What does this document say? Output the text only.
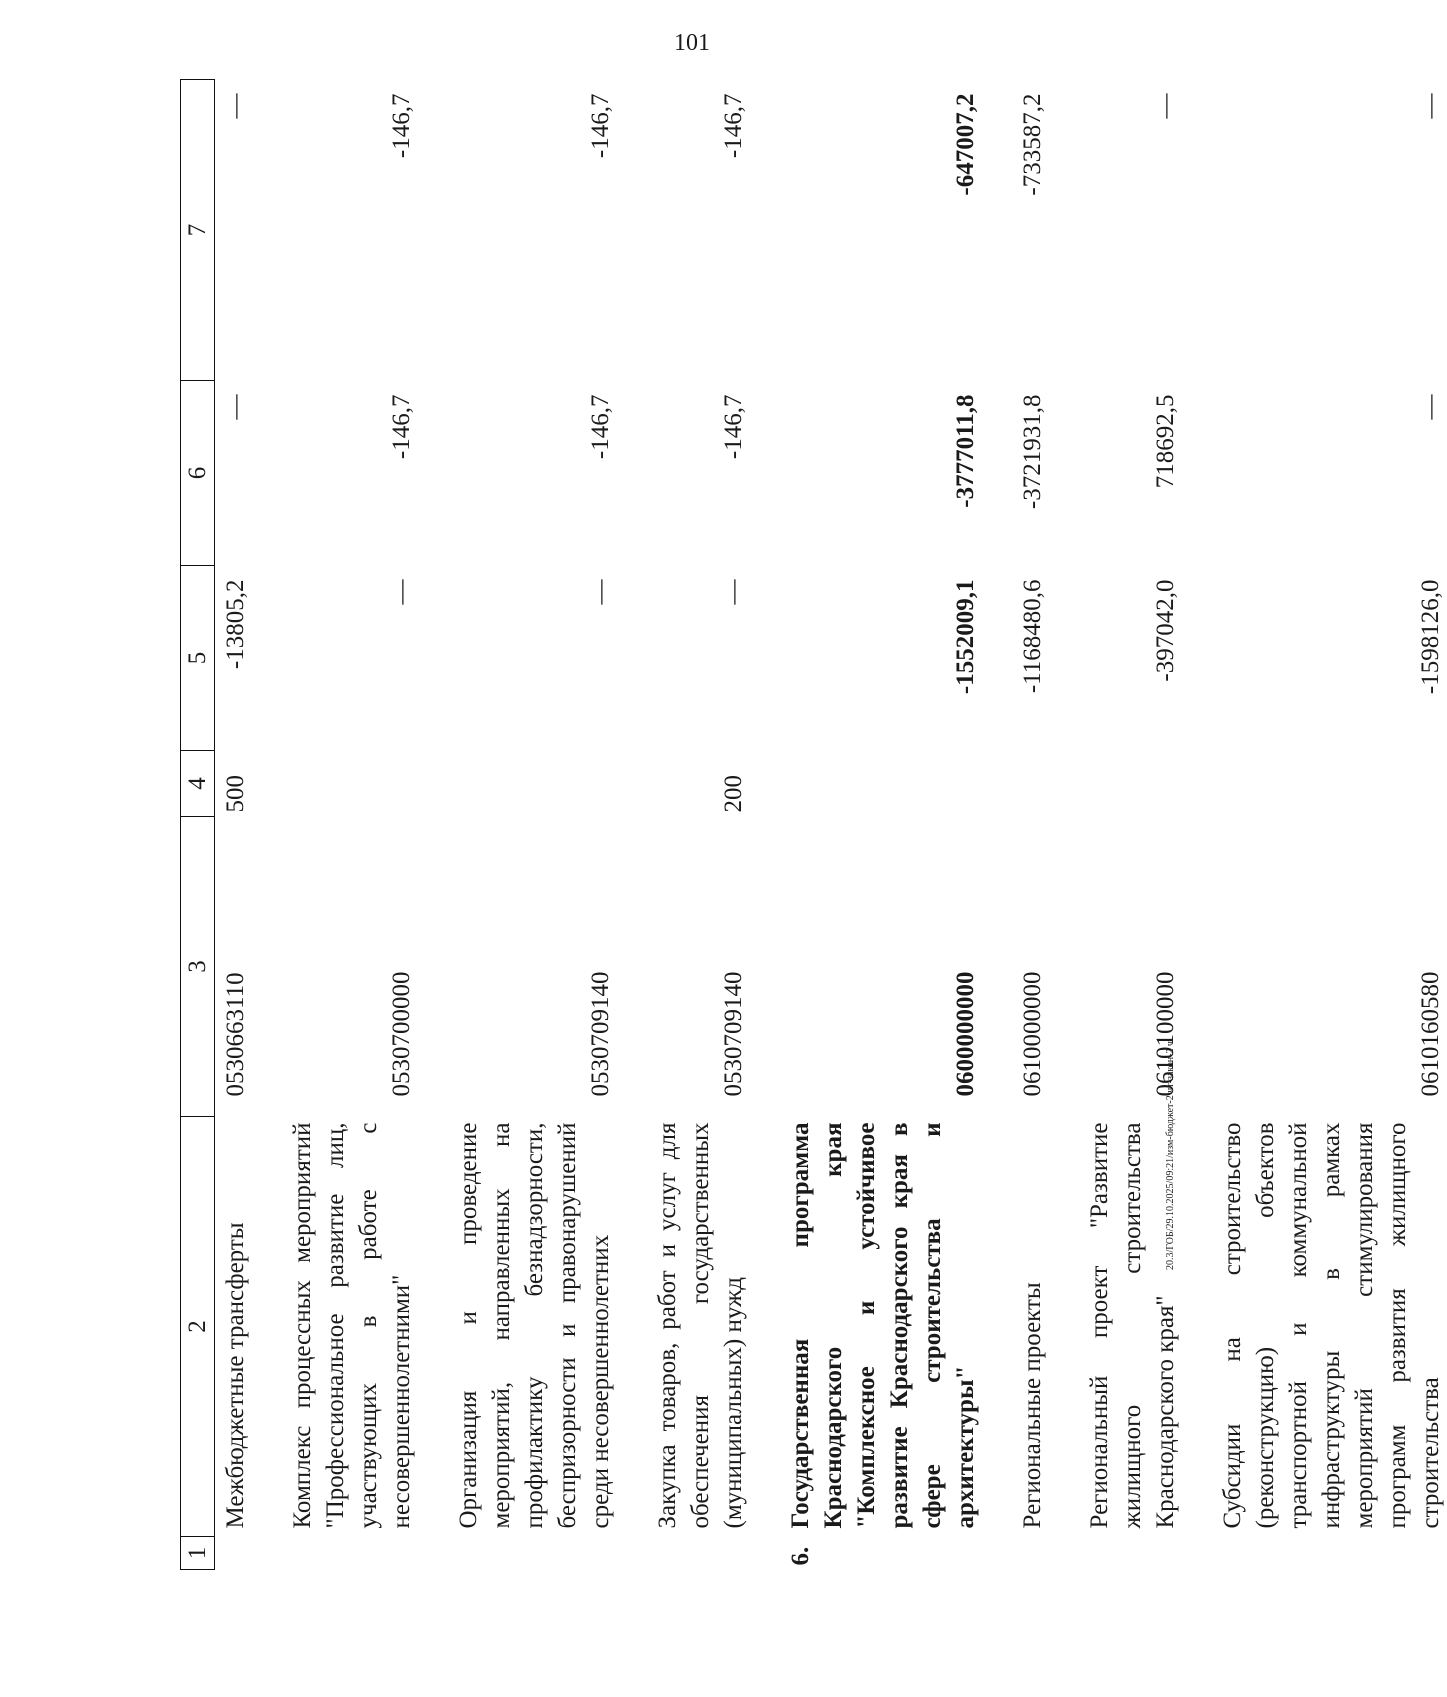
101
20.3/ГОБ/29.10.2025/09:21/изм-бюджет-2 чт-закон-2 ч
1	2	3	4	5	6	7
	Межбюджетные трансферты	0530663110	500	-13805,2	—	—
	Комплекс процессных мероприятий "Профессиональное развитие лиц, участвующих в работе с несовершеннолетними"	0530700000		—	-146,7	-146,7
	Организация и проведение мероприятий, направленных на профилактику безнадзорности, беспризорности и правонарушений среди несовершеннолетних	0530709140		—	-146,7	-146,7
	Закупка товаров, работ и услуг для обеспечения государственных (муниципальных) нужд	0530709140	200	—	-146,7	-146,7
6.	Государственная программа Краснодарского края "Комплексное и устойчивое развитие Краснодарского края в сфере строительства и архитектуры"	0600000000		-1552009,1	-3777011,8	-647007,2
	Региональные проекты	0610000000		-1168480,6	-3721931,8	-733587,2
	Региональный проект "Развитие жилищного строительства Краснодарского края"	0610100000		-397042,0	718692,5	—
	Субсидии на строительство (реконструкцию) объектов транспортной и коммунальной инфраструктуры в рамках мероприятий стимулирования программ развития жилищного строительства	0610160580		-1598126,0	—	—
